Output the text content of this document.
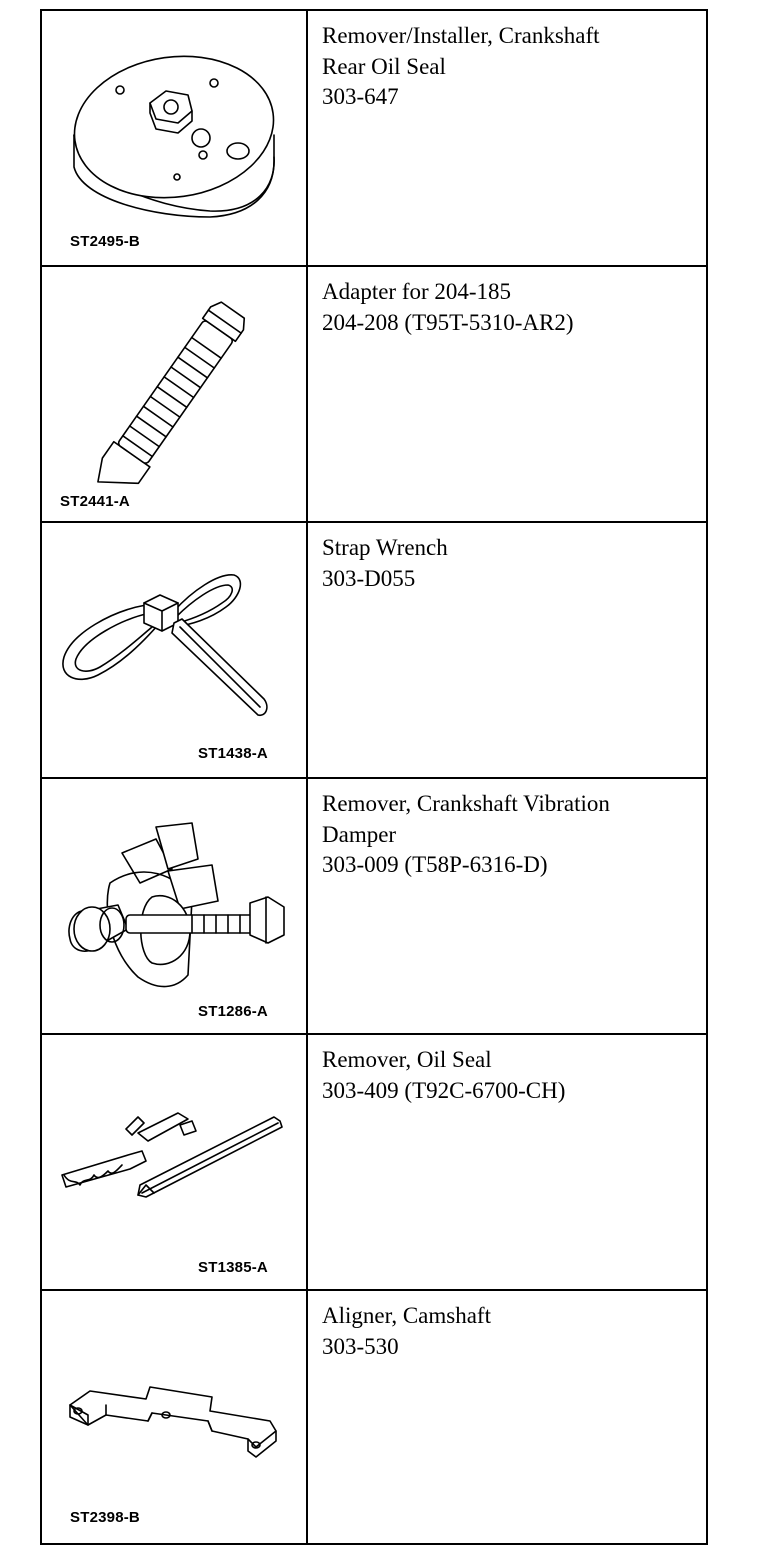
ST2495-B
Remover/Installer, Crankshaft
Rear Oil Seal
303-647
ST2441-A
Adapter for 204-185
204-208 (T95T-5310-AR2)
ST1438-A
Strap Wrench
303-D055
ST1286-A
Remover, Crankshaft Vibration
Damper
303-009 (T58P-6316-D)
ST1385-A
Remover, Oil Seal
303-409 (T92C-6700-CH)
ST2398-B
Aligner, Camshaft
303-530
